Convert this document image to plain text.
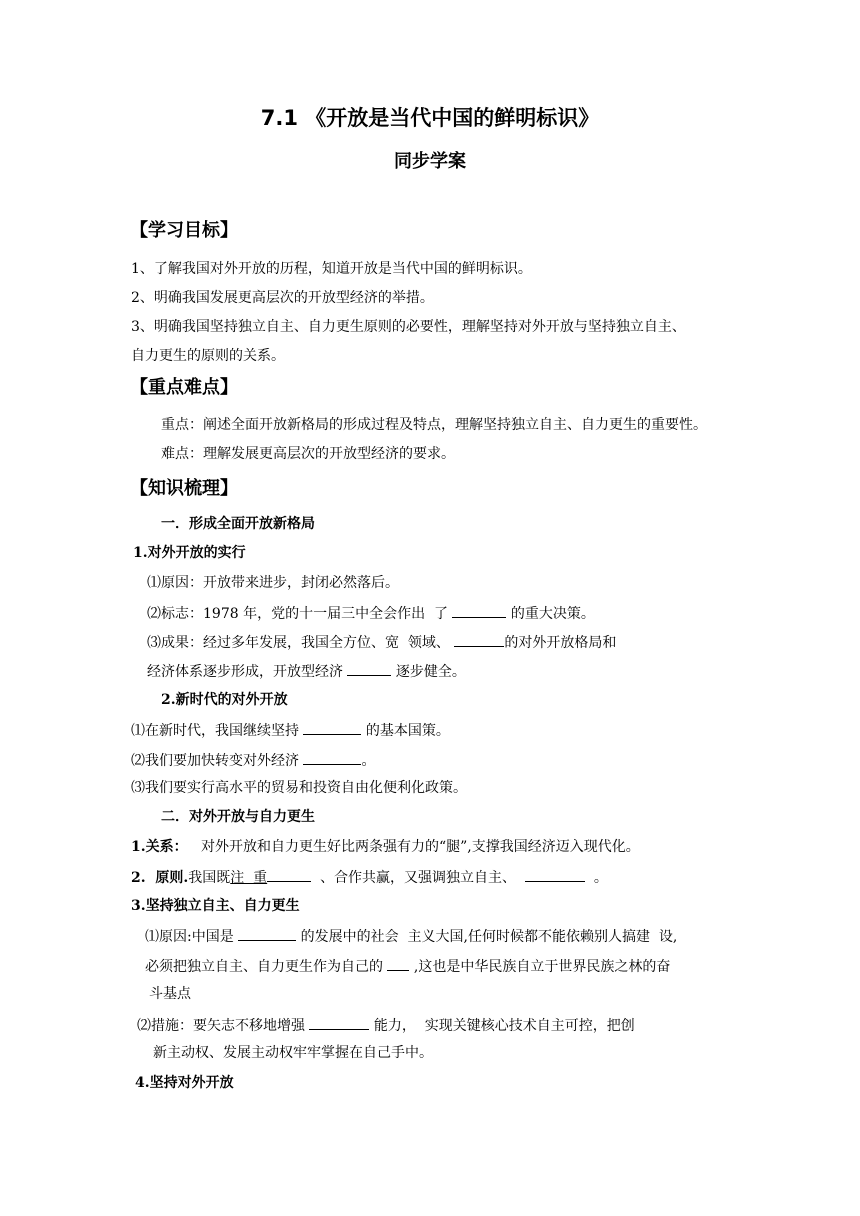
7.1 《开放是当代中国的鲜明标识》
同步学案
【学习目标】
1、了解我国对外开放的历程，知道开放是当代中国的鲜明标识。
2、明确我国发展更高层次的开放型经济的举措。
3、明确我国坚持独立自主、自力更生原则的必要性，理解坚持对外开放与坚持独立自主、
自力更生的原则的关系。
【重点难点】
重点：阐述全面开放新格局的形成过程及特点，理解坚持独立自主、自力更生的重要性。
难点：理解发展更高层次的开放型经济的要求。
【知识梳理】
一．形成全面开放新格局
1.对外开放的实行
⑴原因：开放带来进步，封闭必然落后。
⑵标志：1978 年，党的十一届三中全会作出  了	的重大决策。
⑶成果：经过多年发展，我国全方位、宽  领域、	的对外开放格局和
经济体系逐步形成，开放型经济	逐步健全。
2.新时代的对外开放
⑴在新时代，我国继续坚持	的基本国策。
⑵我们要加快转变对外经济	。
⑶我们要实行高水平的贸易和投资自由化便利化政策。
二．对外开放与自力更生
1.关系： 对外开放和自力更生好比两条强有力的“腿”,支撑我国经济迈入现代化。
2.  原则.我国既注  重	、合作共赢，又强调独立自主、	。
3.坚持独立自主、自力更生
⑴原因:中国是	的发展中的社会  主义大国,任何时候都不能依赖别人搞建  设,
必须把独立自主、自力更生作为自己的 ,这也是中华民族自立于世界民族之林的奋
斗基点
⑵措施：要矢志不移地增强	能力，  实现关键核心技术自主可控，把创
新主动权、发展主动权牢牢掌握在自己手中。
4.坚持对外开放
